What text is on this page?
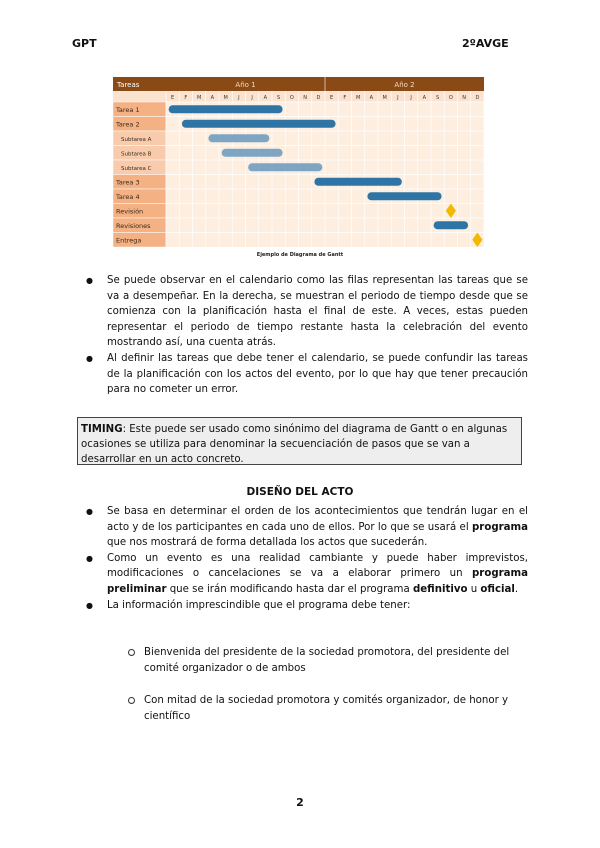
GPT	2ºAVGE
Tareas	Año 1	Año 2
E F M A M J J A S O N D E F M A M J J A S O N D
Tarea 1
Tarea 2
Subtarea A
Subtarea B
Subtarea C
Tarea 3
Tarea 4
Revisión
Revisiones
Entrega
Ejemplo de Diagrama de Gantt
● Se puede observar en el calendario como las filas representan las tareas que se va a desempeñar. En la derecha, se muestran el periodo de tiempo desde que se comienza con la planificación hasta el final de este. A veces, estas pueden representar el periodo de tiempo restante hasta la celebración del evento mostrando así, una cuenta atrás.
● Al definir las tareas que debe tener el calendario, se puede confundir las tareas de la planificación con los actos del evento, por lo que hay que tener precaución para no cometer un error.
TIMING: Este puede ser usado como sinónimo del diagrama de Gantt o en algunas ocasiones se utiliza para denominar la secuenciación de pasos que se van a desarrollar en un acto concreto.
DISEÑO DEL ACTO
● Se basa en determinar el orden de los acontecimientos que tendrán lugar en el acto y de los participantes en cada uno de ellos. Por lo que se usará el programa que nos mostrará de forma detallada los actos que sucederán.
● Como un evento es una realidad cambiante y puede haber imprevistos, modificaciones o cancelaciones se va a elaborar primero un programa preliminar que se irán modificando hasta dar el programa definitivo u oficial.
● La información imprescindible que el programa debe tener:
Bienvenida del presidente de la sociedad promotora, del presidente del comité organizador o de ambos
Con mitad de la sociedad promotora y comités organizador, de honor y científico
2
